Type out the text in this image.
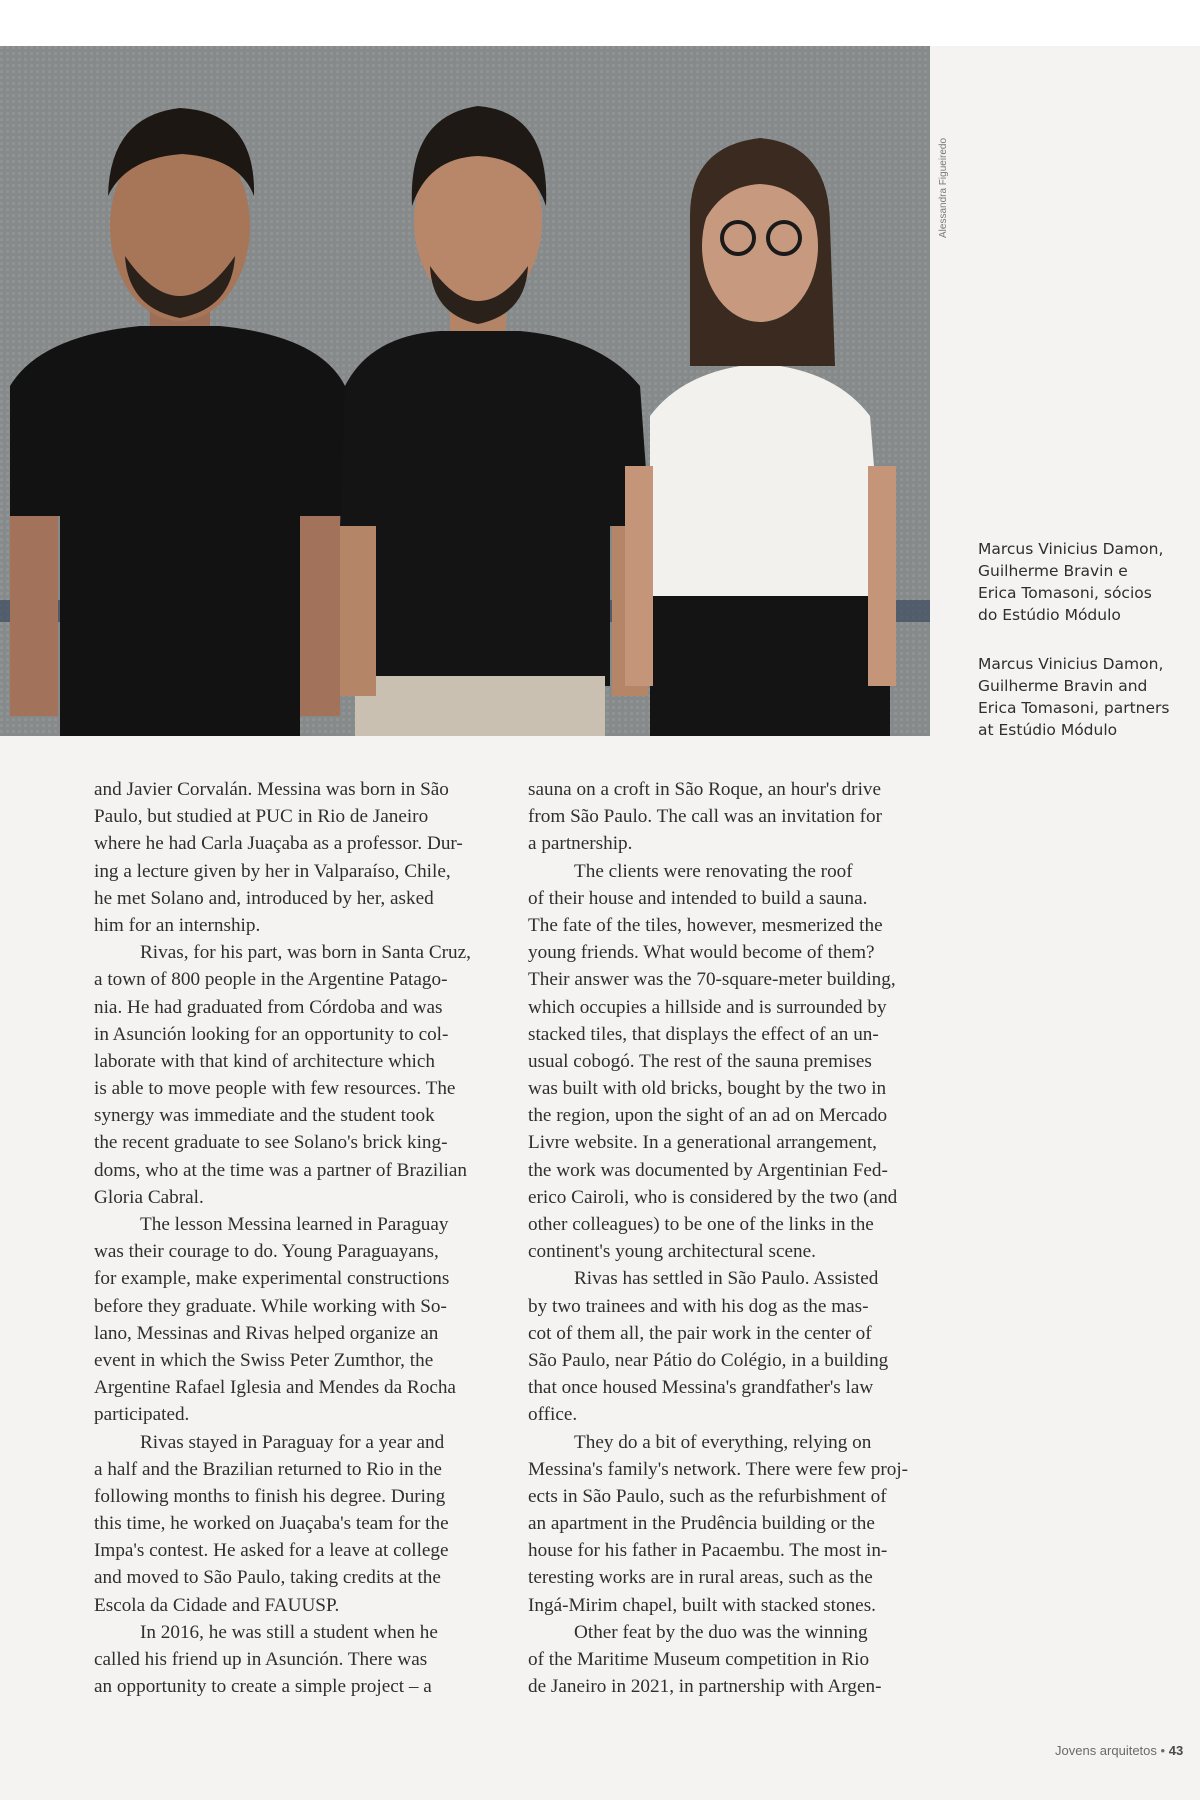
Alessandra Figueiredo
Marcus Vinicius Damon,
Guilherme Bravin e
Erica Tomasoni, sócios
do Estúdio Módulo
Marcus Vinicius Damon,
Guilherme Bravin and
Erica Tomasoni, partners
at Estúdio Módulo
and Javier Corvalán. Messina was born in São
Paulo, but studied at PUC in Rio de Janeiro
where he had Carla Juaçaba as a professor. Dur-
ing a lecture given by her in Valparaíso, Chile,
he met Solano and, introduced by her, asked
him for an internship.
Rivas, for his part, was born in Santa Cruz,
a town of 800 people in the Argentine Patago-
nia. He had graduated from Córdoba and was
in Asunción looking for an opportunity to col-
laborate with that kind of architecture which
is able to move people with few resources. The
synergy was immediate and the student took
the recent graduate to see Solano's brick king-
doms, who at the time was a partner of Brazilian
Gloria Cabral.
The lesson Messina learned in Paraguay
was their courage to do. Young Paraguayans,
for example, make experimental constructions
before they graduate. While working with So-
lano, Messinas and Rivas helped organize an
event in which the Swiss Peter Zumthor, the
Argentine Rafael Iglesia and Mendes da Rocha
participated.
Rivas stayed in Paraguay for a year and
a half and the Brazilian returned to Rio in the
following months to finish his degree. During
this time, he worked on Juaçaba's team for the
Impa's contest. He asked for a leave at college
and moved to São Paulo, taking credits at the
Escola da Cidade and FAUUSP.
In 2016, he was still a student when he
called his friend up in Asunción. There was
an opportunity to create a simple project – a
sauna on a croft in São Roque, an hour's drive
from São Paulo. The call was an invitation for
a partnership.
The clients were renovating the roof
of their house and intended to build a sauna.
The fate of the tiles, however, mesmerized the
young friends. What would become of them?
Their answer was the 70-square-meter building,
which occupies a hillside and is surrounded by
stacked tiles, that displays the effect of an un-
usual cobogó. The rest of the sauna premises
was built with old bricks, bought by the two in
the region, upon the sight of an ad on Mercado
Livre website. In a generational arrangement,
the work was documented by Argentinian Fed-
erico Cairoli, who is considered by the two (and
other colleagues) to be one of the links in the
continent's young architectural scene.
Rivas has settled in São Paulo. Assisted
by two trainees and with his dog as the mas-
cot of them all, the pair work in the center of
São Paulo, near Pátio do Colégio, in a building
that once housed Messina's grandfather's law
office.
They do a bit of everything, relying on
Messina's family's network. There were few proj-
ects in São Paulo, such as the refurbishment of
an apartment in the Prudência building or the
house for his father in Pacaembu. The most in-
teresting works are in rural areas, such as the
Ingá-Mirim chapel, built with stacked stones.
Other feat by the duo was the winning
of the Maritime Museum competition in Rio
de Janeiro in 2021, in partnership with Argen-
Jovens arquitetos • 43
